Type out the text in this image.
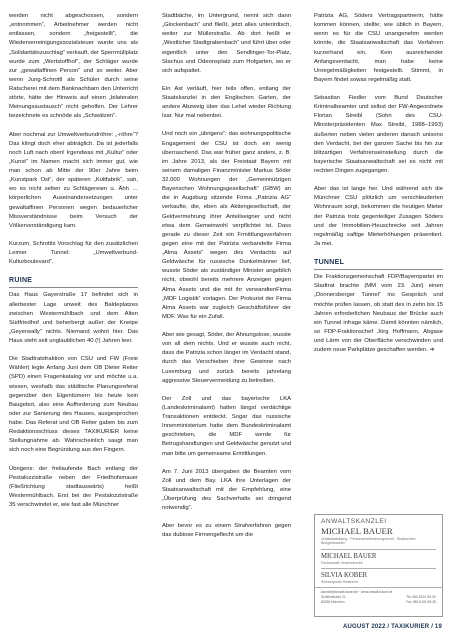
werden nicht abgeschossen, sondern „entnommen“, Arbeitnehmer werden nicht entlassen, sondern „freigestellt“, die Wiederverreinigungssozialsteuer wurde uns als „Solidaritätszuschlag“ verkauft, der Sperrmüllplatz wurde zum „Wertstoffhof“, der Schläger wurde zur „gewaltaffinen Person“ und so weiter. Aber wenn Jung-Schrottl als Schüler durch seine Ratscherei mit dem Banknachbarn den Unterricht störte, hätte der Hinweis auf einen „bilateralen Meinungsaustausch“ nicht geholfen. Der Lehrer bezeichnete es schnöde als „Schwätzen“.

Aber nochmal zur Umweltverbundröhre: „-röhre“? Das klingt doch eher abträglich. Da ist jederfalls noch Luft nach oben! Irgendwas mit „Kultur“ oder „Kunst“ im Namen macht sich immer gut, wie man schon ab Mitte der 90er Jahre beim „Kunstpark Ost“, der späteren „Kultfabrik“, sah, wo es nicht selten zu Schlägereien u. Ähh … körperlichen Auseinandersetzungen unter gewaltaffinen Personen wegen bedauerlicher Missverständnisse beim Versuch der Völkerverständigung kam.

Kurzum, Schrottls Vorschlag für den zusätzlichen Leimer Tunnel: „Umweltverbund-Kulturboulevard“.

RUINE

Das Haus Gayerstraße 17 befindet sich in allerbester Lage unweit des Baldeplatzes zwischen Westermühlbach und dem Alten Südfriedhof und beherbergt außer der Kneipe „Geyerwally“ nichts. Niemand wohnt hier. Das Haus steht seit unglaublichen 40 (!) Jahren leer.

Die Stadtratsfraktion von CSU und FW (Freie Wähler) legte Anfang Juni dem OB Dieter Reiter (SPD) einen Fragenkatalog vor und möchte u.a. wissen, weshalb das städtische Planungsreferat gegenüber den Eigentümern bis heute kein Baugebot, also eine Aufforderung zum Neubau oder zur Sanierung des Hauses, ausgesprochen habe. Das Referat und OB Reiter gaben bis zum Redaktionsschluss dieses TAXIKURIER keine Stellungnahme ab. Wahrscheinlich saugt man sich noch eine Begründung aus den Fingern.

Übrigens: der freilaufende Bach entlang der Pestalozzistraße neben der Friedhofsmauer (Fließrichtung stadtauswärts) heißt Westermühlbach. Erst bei der Pestalozzistraße 35 verschwindet er, wie fast alle Münchner

Stadtbäche, im Untergrund, nennt sich dann „Glockenbach“ und fließt, jetzt alles unterirdisch, weiter zur Müllerstraße. Ab dort heißt er „Westlicher Stadtgrabenbach“ und führt über oder eigentlich unter den Sendlinger-Tor-Platz, Stachus und Odeonsplatz zum Hofgarten, wo er sich aufspaltet.

Ein Ast verläuft, hier teils offen, entlang der Staatskanzlei in den Englischen Garten, der andere Abzweig über das Lehel wieder Richtung Isar. Nur mal nebenbei.

Und noch ein „übrigens“: das wohnungspolitische Engagement der CSU ist doch ein wenig überraschend. Das war früher ganz anders, z. B. im Jahre 2013, als der Freistaat Bayern mit seinem damaligen Finanzminister Markus Söder 32.000 Wohnungen der „Gemeinnützigen Bayerischen Wohnungsgesellschaft“ (GBW) an die in Augsburg sitzende Firma „Patrizia AG“ verkaufte, die, eben als Aktiengesellschaft, der Geldvermehrung ihrer Anteilseigner und nicht etwa dem Gemeinwohl verpflichtet ist. Dass gerade zu dieser Zeit ein Frmittlungsverfahren gegen eine mit der Patrizia verbandelte Firma „Alma Assets“ wegen des Verdachts auf Geldwäsche für russische Dunkelmänner lief, wusste Söder als zuständiger Minister angeblich nicht, obwohl bereits mehrere Anzeigen gegen Alma Assets und die mit ihr verwandtenFirma „MDF Logistik“ vorlagen. Der Prokurist der Firma Alma Assets war zugleich Geschäftsführer der MDF. Was für ein Zufall.

Aber wie gesagt, Söder, der Ahnungslose, wusste von all dem nichts. Und er wusste auch nicht, dass die Patrizia schon länger im Verdacht stand, durch das Verschieben ihrer Gewinne nach Luxemburg und zurück bereits jahrelang aggressive Steuervermeidung zu betreiben.

Der Zoll und das bayerische LKA (Landeskriminalamt) hatten längst verdächtige Transaktionen entdeckt. Sogar das russische Innenministerium hatte dem Bundeskriminalamt geschrieben, die MDF werde für Betrugshandlungen und Geldwäsche genutzt und man bitte um gemeinsame Ermittlungen.

Am 7. Juni 2013 übergaben die Beamten vom Zoll und dem Bay. LKA ihre Unterlagen der Staatsanwaltschaft mit der Empfehlung, eine „Überprüfung des Sachverhalts sei dringend notwendig“.

Aber bevor es zu einem Strafverfahren gegen das dubiose Firmengeflecht um die

Patrizia AG, Söders Vertragspartnerin, hätte kommen können, stellte; wie üblich in Bayern, wenn es für die CSU unangenehm werden könnte, die Staatsanwaltschaft das Verfahren kurzerhand ein. Kein ausreichender Anfangsverdacht, man habe keine Unregelmäßigkeiten festgestellt. Stimmt, in Bayern findet sowas regelmäßig statt.

Sebastian Fiedler vom Bund Deutscher Kriminalbeamter und selbst der FW-Angeordnete Florian Streibl (Sohn des CSU-Ministerpräsidenten Max Streibl, 1988–1993) äußerten neben vielen anderen danach unisono den Verdacht, bei der ganzen Sache bis hin zur blitzartigen Verfahrenseinstellung durch die bayerische Staatsanwaltschaft sei es nicht mit rechten Dingen zugegangen.

Aber das ist lange her. Und während sich die Münchner CSU plötzlich um verschleuderten Wohnraum sorgt, bekommen die heutigen Mieter der Patrizia trotz gegenteiliger Zusagen Söders und der Immobilien-Heuschrecke seit Jahren regelmäßig saftige Mieterhöhungen präsentiert. Ja mei.

TUNNEL

Die Fraktionsgemeinschaft FDP/Bayernpartei im Stadtrat brachte (MM vom 23. Juni) einen „Donnersberger Tunnel“ ins Gespräch und möchte prüfen lassen, ob statt des in zehn bis 15 Jahren erforderlichen Neubaus der Brücke auch ein Tunnel infrage käme. Damit könnten nämlich, so FDP-Fraktionschef Jörg Hoffmann, Abgase und Lärm von der Oberfläche verschwinden und zudem neue Parkplätze geschaffen werden. ➔

ANWALTSKANZLEI
MICHAEL BAUER
Unfallabwicklung · Personenbeförderungsrecht · Strafsachen · Bußgeldsachen
MICHAEL BAUER
Fachanwalt Verkehrsrecht
SILVIA KOBER
Schwerpunkt Strafrecht
kanzlei@anwalt-bauer.de · www.anwalt-bauer.de
Schillerstraße 21
80336 München
Tel. 089-5151 69-30
Fax 089-5151 69-35
AUGUST 2022 / TAXIKURIER / 19
